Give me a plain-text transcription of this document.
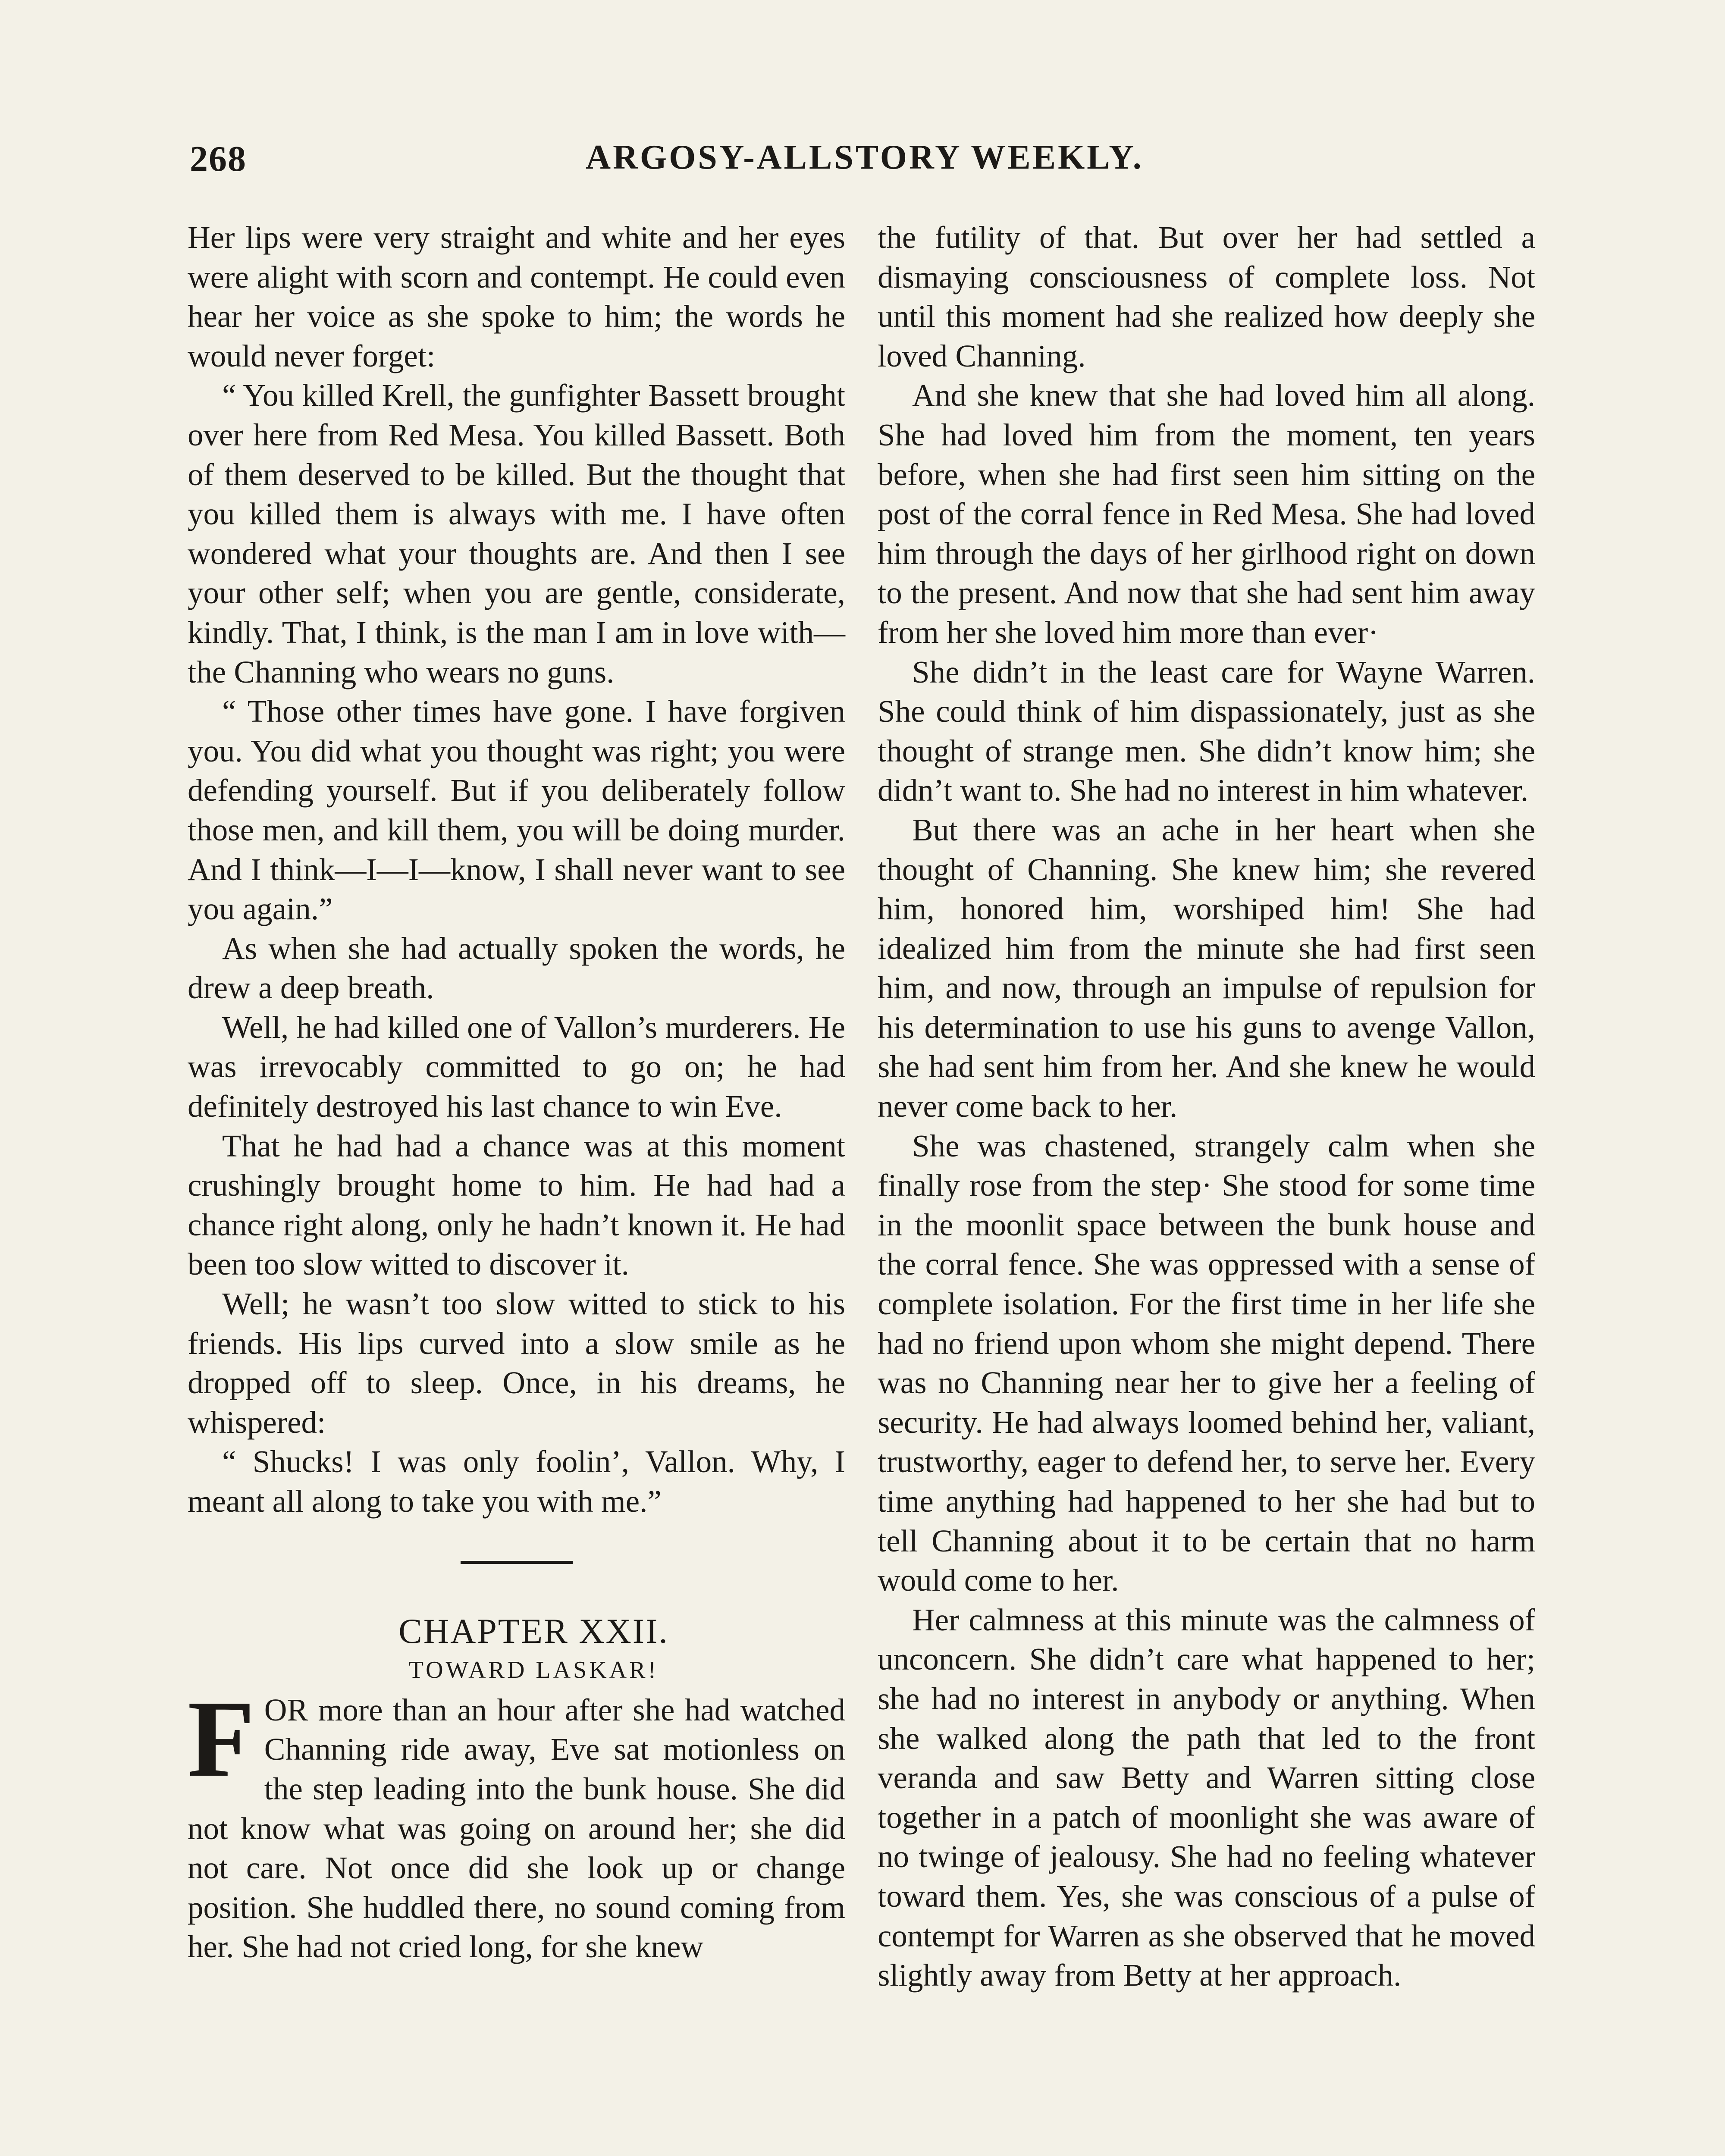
268	ARGOSY-ALLSTORY WEEKLY.

Her lips were very straight and white and her eyes were alight with scorn and contempt. He could even hear her voice as she spoke to him; the words he would never forget:

“ You killed Krell, the gunfighter Bassett brought over here from Red Mesa. You killed Bassett. Both of them deserved to be killed. But the thought that you killed them is always with me. I have often wondered what your thoughts are. And then I see your other self; when you are gentle, considerate, kindly. That, I think, is the man I am in love with—the Channing who wears no guns.

“ Those other times have gone. I have forgiven you. You did what you thought was right; you were defending yourself. But if you deliberately follow those men, and kill them, you will be doing murder. And I think—I—I—know, I shall never want to see you again.”

As when she had actually spoken the words, he drew a deep breath.

Well, he had killed one of Vallon’s murderers. He was irrevocably committed to go on; he had definitely destroyed his last chance to win Eve.

That he had had a chance was at this moment crushingly brought home to him. He had had a chance right along, only he hadn’t known it. He had been too slow witted to discover it.

Well; he wasn’t too slow witted to stick to his friends. His lips curved into a slow smile as he dropped off to sleep. Once, in his dreams, he whispered:

“ Shucks! I was only foolin’, Vallon. Why, I meant all along to take you with me.”

CHAPTER XXII.

TOWARD LASKAR!

FOR more than an hour after she had watched Channing ride away, Eve sat motionless on the step leading into the bunk house. She did not know what was going on around her; she did not care. Not once did she look up or change position. She huddled there, no sound coming from her. She had not cried long, for she knew

the futility of that. But over her had settled a dismaying consciousness of complete loss. Not until this moment had she realized how deeply she loved Channing.

And she knew that she had loved him all along. She had loved him from the moment, ten years before, when she had first seen him sitting on the post of the corral fence in Red Mesa. She had loved him through the days of her girlhood right on down to the present. And now that she had sent him away from her she loved him more than ever·

She didn’t in the least care for Wayne Warren. She could think of him dispassionately, just as she thought of strange men. She didn’t know him; she didn’t want to. She had no interest in him whatever.

But there was an ache in her heart when she thought of Channing. She knew him; she revered him, honored him, worshiped him! She had idealized him from the minute she had first seen him, and now, through an impulse of repulsion for his determination to use his guns to avenge Vallon, she had sent him from her. And she knew he would never come back to her.

She was chastened, strangely calm when she finally rose from the step· She stood for some time in the moonlit space between the bunk house and the corral fence. She was oppressed with a sense of complete isolation. For the first time in her life she had no friend upon whom she might depend. There was no Channing near her to give her a feeling of security. He had always loomed behind her, valiant, trustworthy, eager to defend her, to serve her. Every time anything had happened to her she had but to tell Channing about it to be certain that no harm would come to her.

Her calmness at this minute was the calmness of unconcern. She didn’t care what happened to her; she had no interest in anybody or anything. When she walked along the path that led to the front veranda and saw Betty and Warren sitting close together in a patch of moonlight she was aware of no twinge of jealousy. She had no feeling whatever toward them. Yes, she was conscious of a pulse of contempt for Warren as she observed that he moved slightly away from Betty at her approach.
